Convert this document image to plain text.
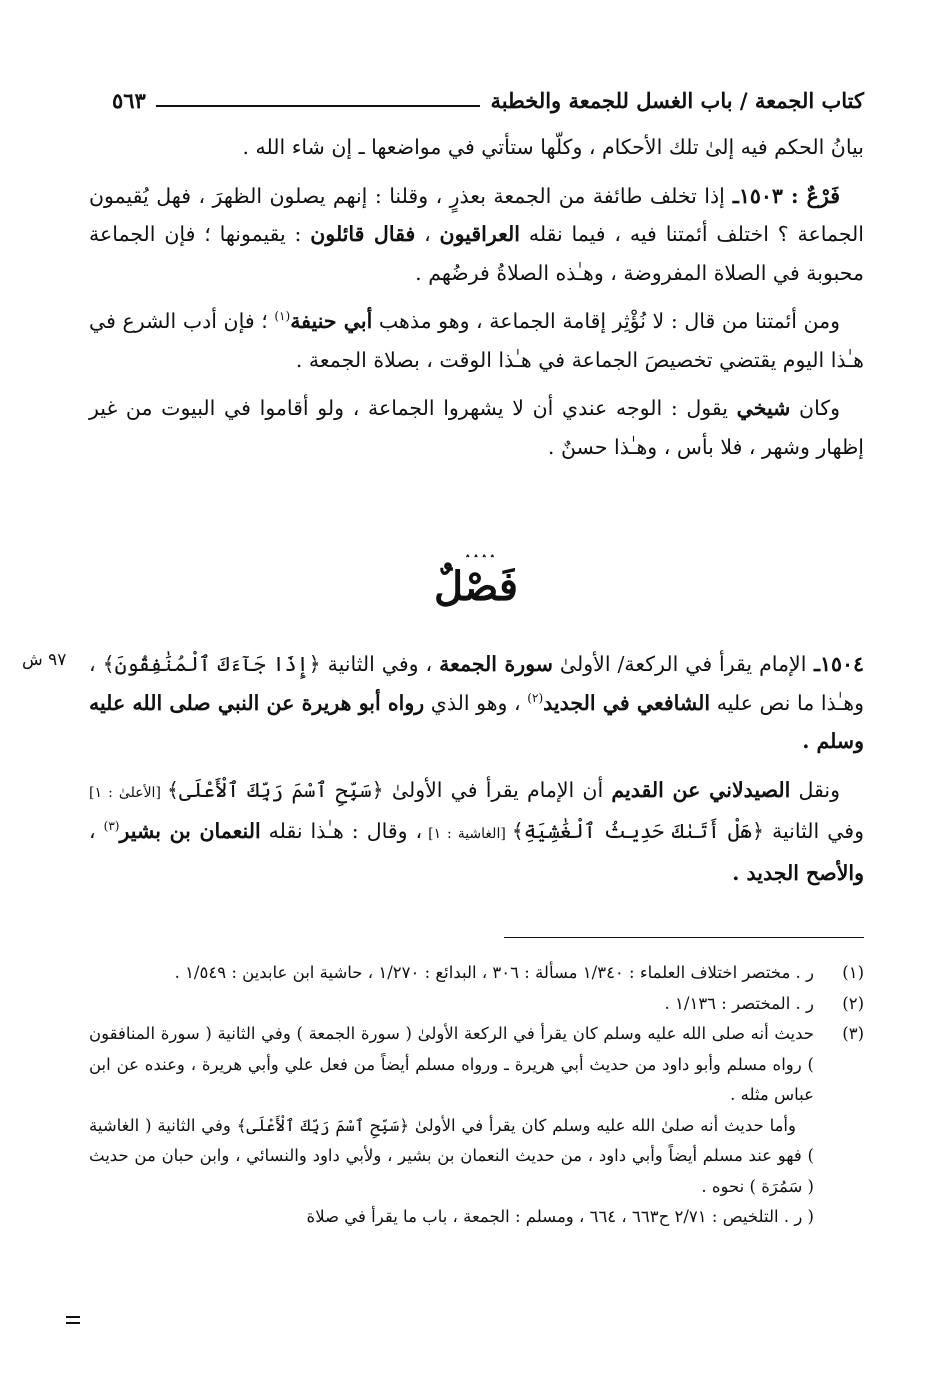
كتاب الجمعة / باب الغسل للجمعة والخطبة
٥٦٣

بيانُ الحكم فيه إلىٰ تلك الأحكام ، وكلّها ستأتي في مواضعها ـ إن شاء الله .

فَرْعٌ : ١٥٠٣ـ إذا تخلف طائفة من الجمعة بعذرٍ ، وقلنا : إنهم يصلون الظهرَ ، فهل يُقيمون الجماعة ؟ اختلف أئمتنا فيه ، فيما نقله العراقيون ، فقال قائلون : يقيمونها ؛ فإن الجماعة محبوبة في الصلاة المفروضة ، وهـٰذه الصلاةُ فرضُهم .

ومن أئمتنا من قال : لا نُؤْثِر إقامة الجماعة ، وهو مذهب أبي حنيفة$^{(١)}$ ؛ فإن أدب الشرع في هـٰذا اليوم يقتضي تخصيصَ الجماعة في هـٰذا الوقت ، بصلاة الجمعة .

وكان شيخي يقول : الوجه عندي أن لا يشهروا الجماعة ، ولو أقاموا في البيوت من غير إظهار وشهر ، فلا بأس ، وهـٰذا حسنٌ .

ٛ ٛ ٛ ٛ
فَصْلٌ
٩٧ ش	١٥٠٤ـ الإمام يقرأ في الركعة/ الأولىٰ سورة الجمعة ، وفي الثانية ﴿إِذَا جَآءَكَ ٱلْمُنَٰفِقُونَ﴾ ، وهـٰذا ما نص عليه الشافعي في الجديد$^{(٢)}$ ، وهو الذي رواه أبو هريرة عن النبي صلى الله عليه وسلم .

ونقل الصيدلاني عن القديم أن الإمام يقرأ في الأولىٰ ﴿سَبِّحِ ٱسْمَ رَبِّكَ ٱلْأَعْلَى﴾ [الأعلىٰ : ١] وفي الثانية ﴿هَلْ أَتَىٰكَ حَدِيثُ ٱلْغَٰشِيَةِ﴾ [الغاشية : ١] ، وقال : هـٰذا نقله النعمان بن بشير$^{(٣)}$ ، والأصح الجديد .

(١)
ر . مختصر اختلاف العلماء : ١/٣٤٠ مسألة : ٣٠٦ ، البدائع : ١/٢٧٠ ، حاشية ابن عابدين : ١/٥٤٩ .
(٢)
ر . المختصر : ١/١٣٦ .
(٣)
حديث أنه صلى الله عليه وسلم كان يقرأ في الركعة الأولىٰ ( سورة الجمعة ) وفي الثانية ( سورة المنافقون ) رواه مسلم وأبو داود من حديث أبي هريرة ـ ورواه مسلم أيضاً من فعل علي وأبي هريرة ، وعنده عن ابن عباس مثله .
وأما حديث أنه صلىٰ الله عليه وسلم كان يقرأ في الأولىٰ ﴿سَبِّحِ ٱسْمَ رَبِّكَ ٱلْأَعْلَى﴾ وفي الثانية ( الغاشية ) فهو عند مسلم أيضاً وأبي داود ، من حديث النعمان بن بشير ، ولأبي داود والنسائي ، وابن حبان من حديث ( سَمُرَة ) نحوه .
( ر . التلخيص : ٢/٧١ ح٦٦٣ ، ٦٦٤ ، ومسلم : الجمعة ، باب ما يقرأ في صلاة
